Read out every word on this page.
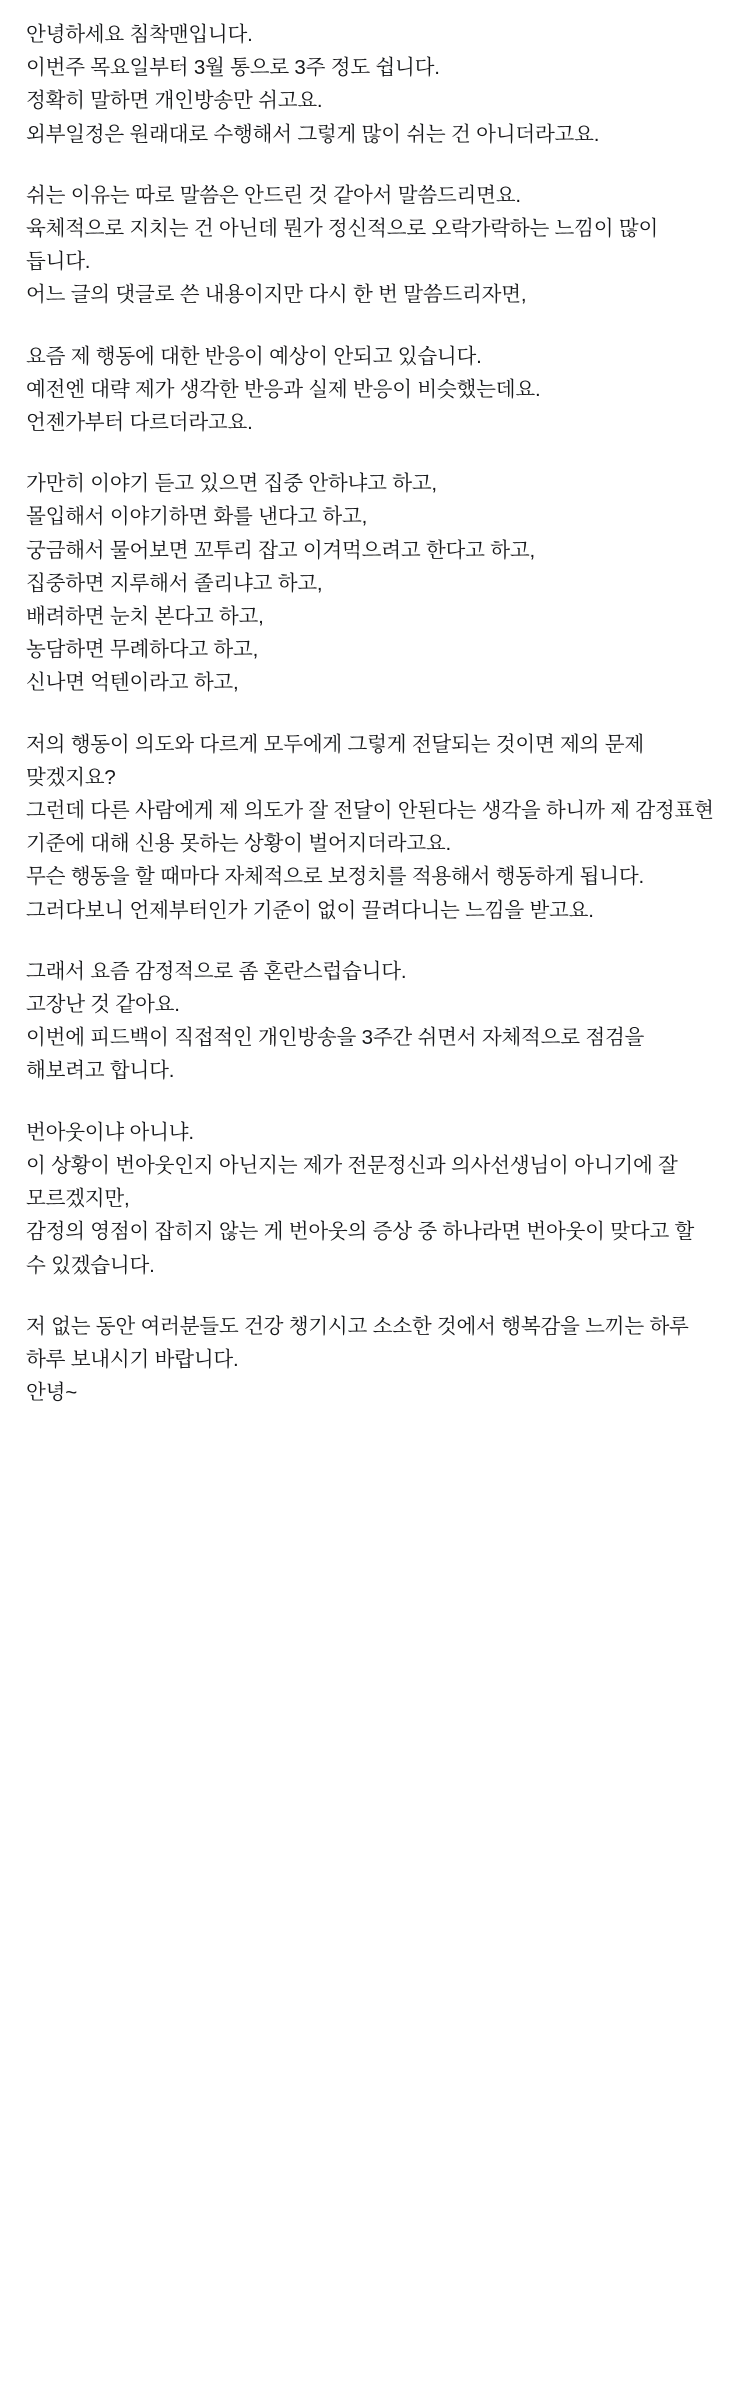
안녕하세요 침착맨입니다.
이번주 목요일부터 3월 통으로 3주 정도 쉽니다.
정확히 말하면 개인방송만 쉬고요.
외부일정은 원래대로 수행해서 그렇게 많이 쉬는 건 아니더라고요.

쉬는 이유는 따로 말씀은 안드린 것 같아서 말씀드리면요.
육체적으로 지치는 건 아닌데 뭔가 정신적으로 오락가락하는 느낌이 많이 듭니다.
어느 글의 댓글로 쓴 내용이지만 다시 한 번 말씀드리자면,

요즘 제 행동에 대한 반응이 예상이 안되고 있습니다.
예전엔 대략 제가 생각한 반응과 실제 반응이 비슷했는데요.
언젠가부터 다르더라고요.

가만히 이야기 듣고 있으면 집중 안하냐고 하고,
몰입해서 이야기하면 화를 낸다고 하고,
궁금해서 물어보면 꼬투리 잡고 이겨먹으려고 한다고 하고,
집중하면 지루해서 졸리냐고 하고,
배려하면 눈치 본다고 하고,
농담하면 무례하다고 하고,
신나면 억텐이라고 하고,

저의 행동이 의도와 다르게 모두에게 그렇게 전달되는 것이면 제의 문제 맞겠지요?
그런데 다른 사람에게 제 의도가 잘 전달이 안된다는 생각을 하니까 제 감정표현 기준에 대해 신용 못하는 상황이 벌어지더라고요.
무슨 행동을 할 때마다 자체적으로 보정치를 적용해서 행동하게 됩니다.
그러다보니 언제부터인가 기준이 없이 끌려다니는 느낌을 받고요.

그래서 요즘 감정적으로 좀 혼란스럽습니다.
고장난 것 같아요.
이번에 피드백이 직접적인 개인방송을 3주간 쉬면서 자체적으로 점검을 해보려고 합니다.

번아웃이냐 아니냐.
이 상황이 번아웃인지 아닌지는 제가 전문정신과 의사선생님이 아니기에 잘 모르겠지만,
감정의 영점이 잡히지 않는 게 번아웃의 증상 중 하나라면 번아웃이 맞다고 할 수 있겠습니다.

저 없는 동안 여러분들도 건강 챙기시고 소소한 것에서 행복감을 느끼는 하루 하루 보내시기 바랍니다.
안녕~
